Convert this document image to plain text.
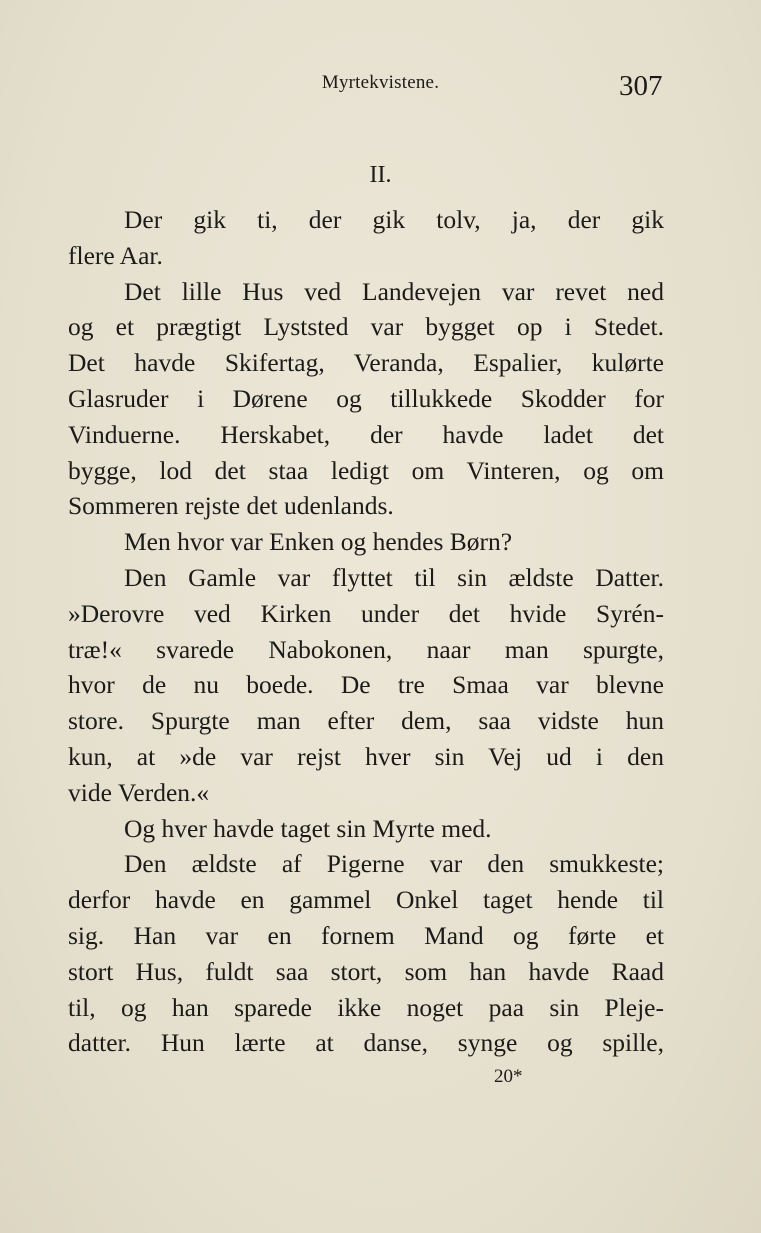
Myrtekvistene.	307
II.
Der gik ti, der gik tolv, ja, der gik
flere Aar.
Det lille Hus ved Landevejen var revet ned
og et prægtigt Lyststed var bygget op i Stedet.
Det havde Skifertag, Veranda, Espalier, kulørte
Glasruder i Dørene og tillukkede Skodder for
Vinduerne. Herskabet, der havde ladet det
bygge, lod det staa ledigt om Vinteren, og om
Sommeren rejste det udenlands.
Men hvor var Enken og hendes Børn?
Den Gamle var flyttet til sin ældste Datter.
»Derovre ved Kirken under det hvide Syrén-
træ!« svarede Nabokonen, naar man spurgte,
hvor de nu boede. De tre Smaa var blevne
store. Spurgte man efter dem, saa vidste hun
kun, at »de var rejst hver sin Vej ud i den
vide Verden.«
Og hver havde taget sin Myrte med.
Den ældste af Pigerne var den smukkeste;
derfor havde en gammel Onkel taget hende til
sig. Han var en fornem Mand og førte et
stort Hus, fuldt saa stort, som han havde Raad
til, og han sparede ikke noget paa sin Pleje-
datter. Hun lærte at danse, synge og spille,
20*
